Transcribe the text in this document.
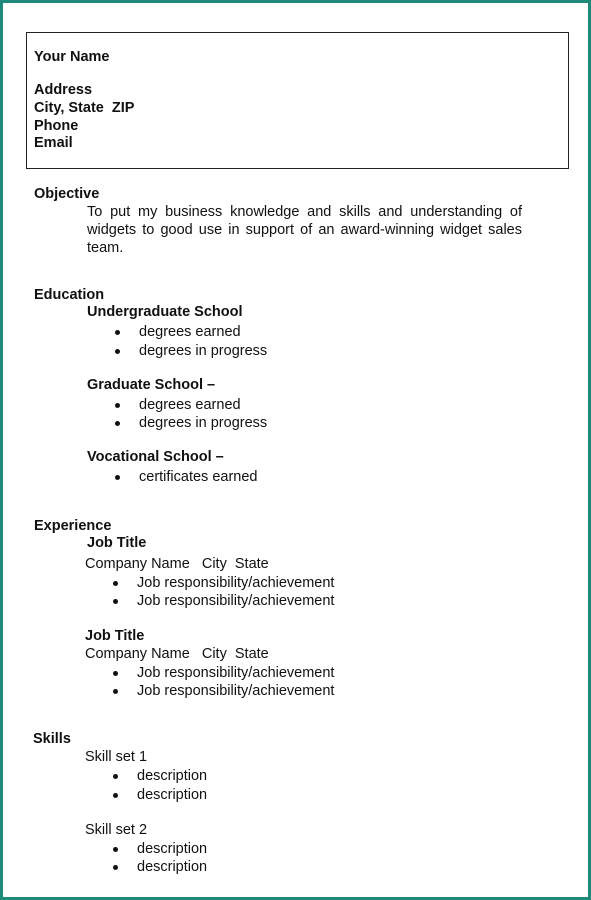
Your Name
Address
City, State  ZIP
Phone
Email
Objective
To put my business knowledge and skills and understanding of widgets to good use in support of an award-winning widget sales team.
Education
Undergraduate School
degrees earned
degrees in progress
Graduate School –
degrees earned
degrees in progress
Vocational School –
certificates earned
Experience
Job Title
Company Name   City  State
Job responsibility/achievement
Job responsibility/achievement
Job Title
Company Name   City  State
Job responsibility/achievement
Job responsibility/achievement
Skills
Skill set 1
description
description
Skill set 2
description
description
